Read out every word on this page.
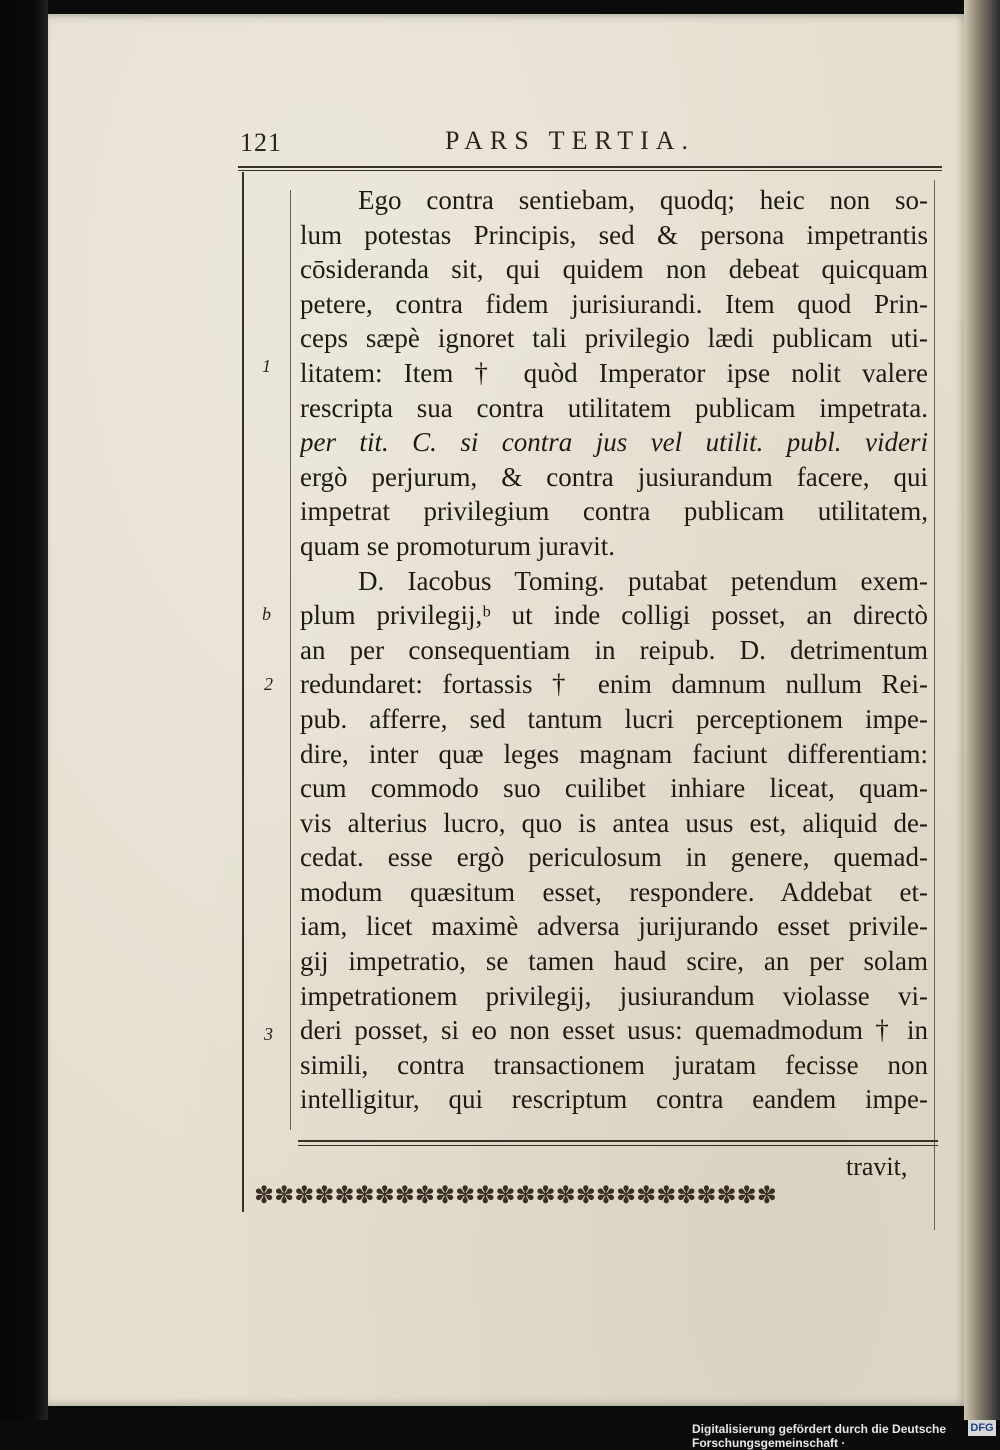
121	PARS TERTIA.
Ego contra sentiebam, quodq; heic non so-
lum potestas Principis, sed & persona impetrantis
cōsideranda sit, qui quidem non debeat quicquam
petere, contra fidem jurisiurandi. Item quod Prin-
ceps sæpè ignoret tali privilegio lædi publicam uti-
litatem: Item † quòd Imperator ipse nolit valere
rescripta sua contra utilitatem publicam impetrata.
per tit. C. si contra jus vel utilit. publ. videri
ergò perjurum, & contra jusiurandum facere, qui
impetrat privilegium contra publicam utilitatem,
quam se promoturum juravit.
D. Iacobus Toming. putabat petendum exem-
plum privilegij,ᵇ ut inde colligi posset, an directò
an per consequentiam in reipub. D. detrimentum
redundaret: fortassis † enim damnum nullum Rei-
pub. afferre, sed tantum lucri perceptionem impe-
dire, inter quæ leges magnam faciunt differentiam:
cum commodo suo cuilibet inhiare liceat, quam-
vis alterius lucro, quo is antea usus est, aliquid de-
cedat. esse ergò periculosum in genere, quemad-
modum quæsitum esset, respondere. Addebat et-
iam, licet maximè adversa jurijurando esset privile-
gij impetratio, se tamen haud scire, an per solam
impetrationem privilegij, jusiurandum violasse vi-
deri posset, si eo non esset usus: quemadmodum † in
simili, contra transactionem juratam fecisse non
intelligitur, qui rescriptum contra eandem impe-
1
b
2
3
travit,
✽✽✽✽✽✽✽✽✽✽✽✽✽✽✽✽✽✽✽✽✽✽✽✽✽✽
Digitalisierung gefördert durch die Deutsche Forschungsgemeinschaft ·
DFG
